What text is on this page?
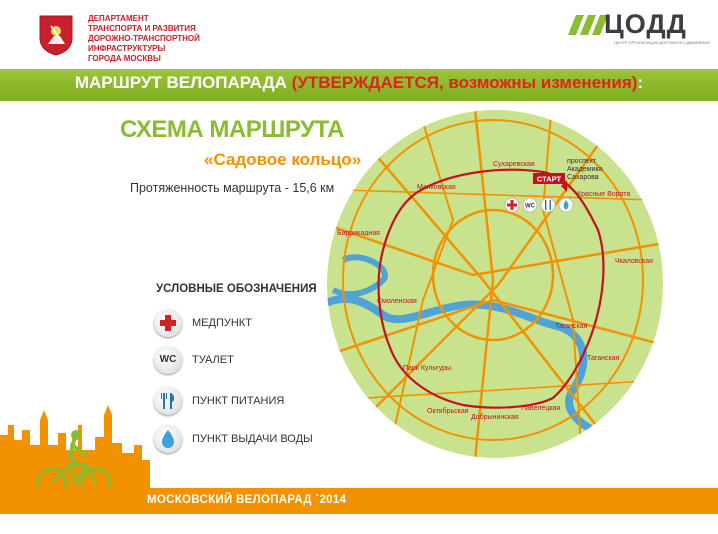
ДЕПАРТАМЕНТ
ТРАНСПОРТА И РАЗВИТИЯ
ДОРОЖНО-ТРАНСПОРТНОЙ
ИНФРАСТРУКТУРЫ
ГОРОДА МОСКВЫ
ЦОДД
ЦЕНТР ОРГАНИЗАЦИИ ДОРОЖНОГО ДВИЖЕНИЯ
МАРШРУТ ВЕЛОПАРАДА (УТВЕРЖДАЕТСЯ, возможны изменения):
СТАРТ
WC
Сухаревская
Маяковская
Баррикадная
Смоленская
Парк Культуры
Октябрьская
Добрынинская
Павелецкая
Таганская
Таганская
Чкаловская
Красные Ворота
проспект
Академика
Сахарова
СХЕМА МАРШРУТА
«Садовое кольцо»
Протяженность маршрута - 15,6 км
УСЛОВНЫЕ ОБОЗНАЧЕНИЯ
МЕДПУНКТ
WC	ТУАЛЕТ
ПУНКТ ПИТАНИЯ
ПУНКТ ВЫДАЧИ ВОДЫ
МОСКОВСКИЙ ВЕЛОПАРАД `2014
